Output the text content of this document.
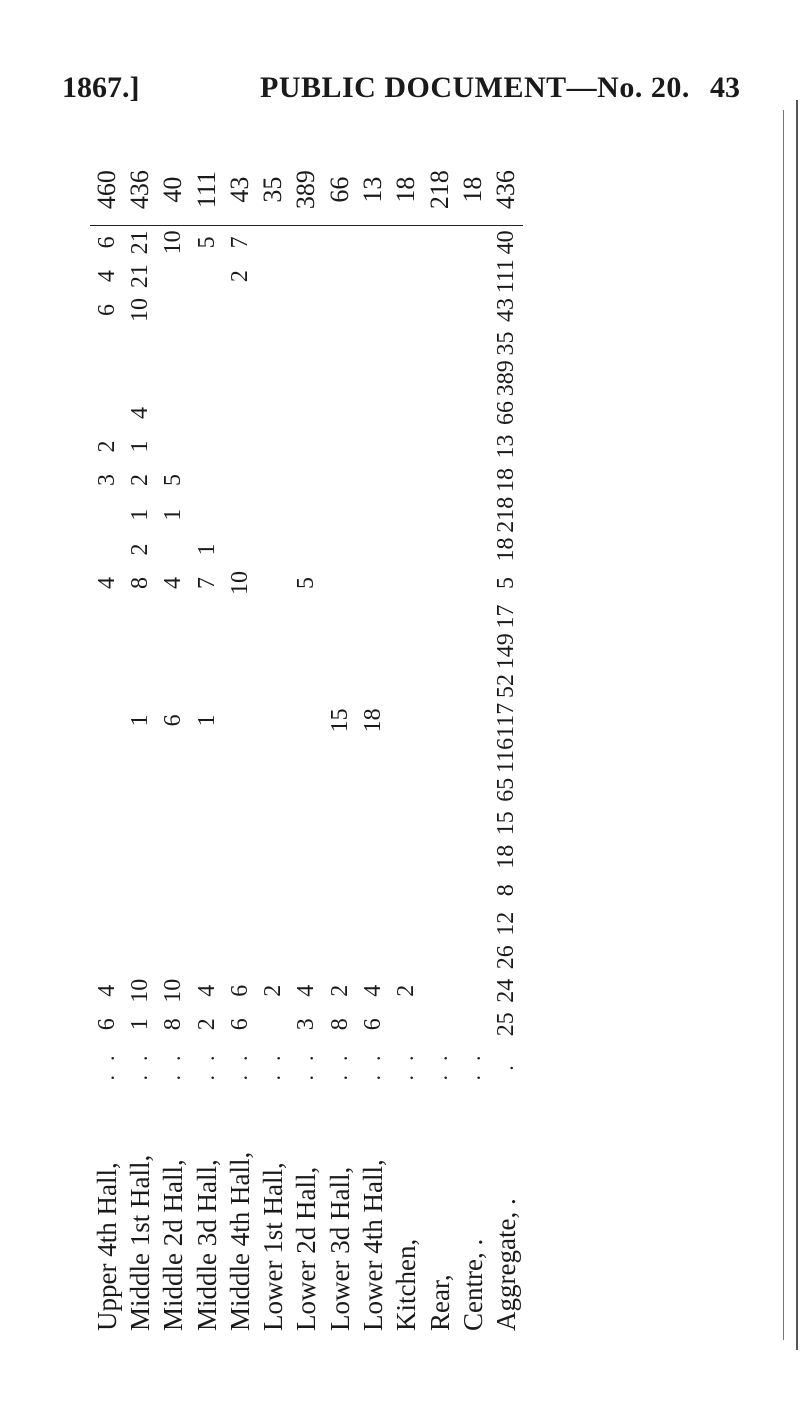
1867.]	PUBLIC DOCUMENT—No. 20. 43
Upper 4th Hall,	..	6	4												4			3	2				6	4	6	460
Middle 1st Hall,	..	1	10								1				8	2	1	2	1	4			10	21	21	436
Middle 2d Hall,	..	8	10								6				4		1	5							10	40
Middle 3d Hall,	..	2	4								1				7	1									5	111
Middle 4th Hall,	..	6	6												10									2	7	43
Lower 1st Hall,	..		2																							35
Lower 2d Hall,	..	3	4												5											389
Lower 3d Hall,	..	8	2								15															66
Lower 4th Hall,	..	6	4								18															13
Kitchen,	..		2																							18
Rear,	..																									218
Centre, .	..																									18
Aggregate, .	.	25	24	26	12	8	18	15	65	116	117	52	149	17	5	18	218	18	13	66	389	35	43	111	40	436
